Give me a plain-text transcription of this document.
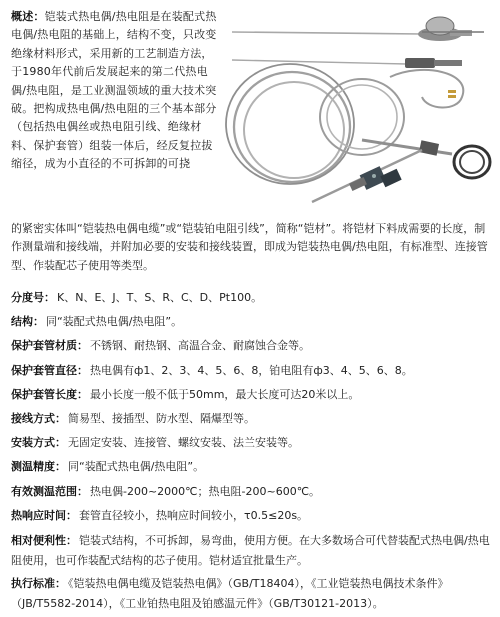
概述：铠装式热电偶/热电阻是在装配式热电偶/热电阻的基础上，结构不变，只改变绝缘材料形式，采用新的工艺制造方法，于1980年代前后发展起来的第二代热电偶/热电阻，是工业测温领域的重大技术突破。把构成热电偶/热电阻的三个基本部分（包括热电偶丝或热电阻引线、绝缘材料、保护套管）组装一体后，经反复拉拔缩径，成为小直径的不可拆卸的可挠
的紧密实体叫“铠装热电偶电缆”或“铠装铂电阻引线”，简称“铠材”。将铠材下料成需要的长度，制作测量端和接线端，并附加必要的安装和接线装置，即成为铠装热电偶/热电阻，有标准型、连接管型、作装配芯子使用等类型。
分度号： K、N、E、J、T、S、R、C、D、Pt100。
结构： 同“装配式热电偶/热电阻”。
保护套管材质： 不锈钢、耐热钢、高温合金、耐腐蚀合金等。
保护套管直径： 热电偶有ф1、2、3、4、5、6、8，铂电阻有ф3、4、5、6、8。
保护套管长度： 最小长度一般不低于50mm，最大长度可达20米以上。
接线方式： 简易型、接插型、防水型、隔爆型等。
安装方式： 无固定安装、连接管、螺纹安装、法兰安装等。
测温精度： 同“装配式热电偶/热电阻”。
有效测温范围： 热电偶-200~2000℃；热电阻-200~600℃。
热响应时间： 套管直径较小，热响应时间较小，τ0.5≤20s。
相对便利性： 铠装式结构，不可拆卸，易弯曲，使用方便。在大多数场合可代替装配式热电偶/热电阻使用，也可作装配式结构的芯子使用。铠材适宜批量生产。
执行标准： 《铠装热电偶电缆及铠装热电偶》（GB/T18404），《工业铠装热电偶技术条件》（JB/T5582-2014），《工业铂热电阻及铂感温元件》（GB/T30121-2013）。
